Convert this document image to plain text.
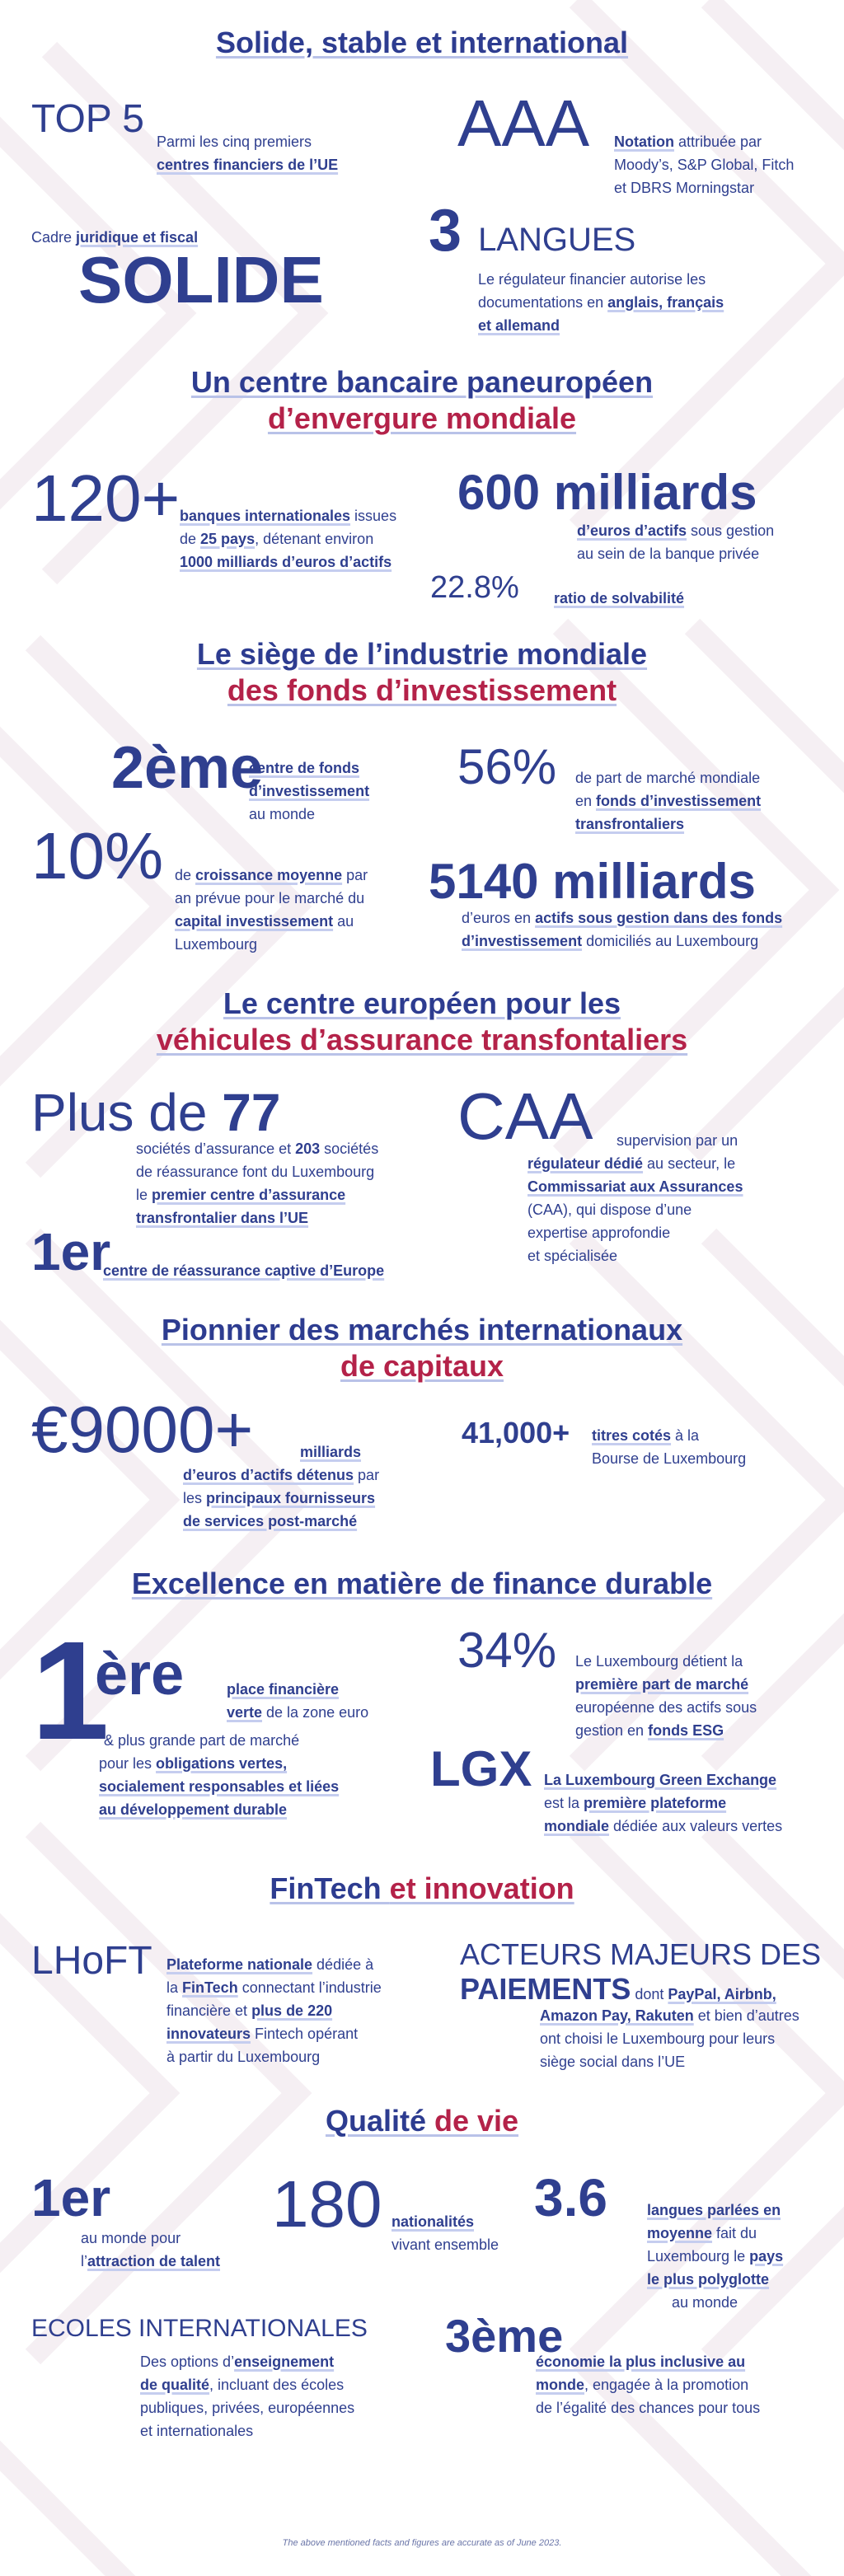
Solide, stable et international
TOP 5
Parmi les cinq premiers
centres financiers de l’UE
AAA Notation attribuée par
Moody’s, S&P Global, Fitch
et DBRS Morningstar
Cadre juridique et fiscal
SOLIDE
3 LANGUES
Le régulateur financier autorise les
documentations en anglais, français
et allemand
Un centre bancaire paneuropéen
d’envergure mondiale
120+ banques internationales issues
de 25 pays, détenant environ
1000 milliards d’euros d’actifs
600 milliards
d’euros d’actifs sous gestion
au sein de la banque privée
22.8% ratio de solvabilité
Le siège de l’industrie mondiale
des fonds d’investissement
2ème
centre de fonds
d’investissement
au monde
56% de part de marché mondiale
en fonds d’investissement
transfrontaliers
10% de croissance moyenne par
an prévue pour le marché du
capital investissement au
Luxembourg
5140 milliards
d’euros en actifs sous gestion dans des fonds
d’investissement domiciliés au Luxembourg
Le centre européen pour les
véhicules d’assurance transfontaliers
Plus de 77
sociétés d’assurance et 203 sociétés
de réassurance font du Luxembourg
le premier centre d’assurance
transfrontalier dans l’UE
CAA	supervision par un
régulateur dédié au secteur, le
Commissariat aux Assurances
(CAA), qui dispose d’une
expertise approfondie
et spécialisée
1er
centre de réassurance captive d’Europe
Pionnier des marchés internationaux
de capitaux
€9000+	milliards
d’euros d’actifs détenus par
les principaux fournisseurs
de services post-marché
41,000+ titres cotés à la
Bourse de Luxembourg
Excellence en matière de finance durable
1
ère	place financière
verte de la zone euro
& plus grande part de marché
pour les obligations vertes,
socialement responsables et liées
au développement durable
34% Le Luxembourg détient la
première part de marché
européenne des actifs sous
gestion en fonds ESG
LGX La Luxembourg Green Exchange
est la première plateforme
mondiale dédiée aux valeurs vertes
FinTech et innovation
LHoFT Plateforme nationale dédiée à
la FinTech connectant l’industrie
financière et plus de 220
innovateurs Fintech opérant
à partir du Luxembourg
ACTEURS MAJEURS DES
PAIEMENTS dont PayPal, Airbnb,
Amazon Pay, Rakuten et bien d’autres
ont choisi le Luxembourg pour leurs
siège social dans l’UE
Qualité de vie
1er
au monde pour
l’attraction de talent
180 nationalités
vivant ensemble
3.6	langues parlées en
moyenne fait du
Luxembourg le pays
le plus polyglotte
au monde
ECOLES INTERNATIONALES
Des options d’enseignement
de qualité, incluant des écoles
publiques, privées, européennes
et internationales
3ème
économie la plus inclusive au
monde, engagée à la promotion
de l’égalité des chances pour tous
The above mentioned facts and figures are accurate as of June 2023.
